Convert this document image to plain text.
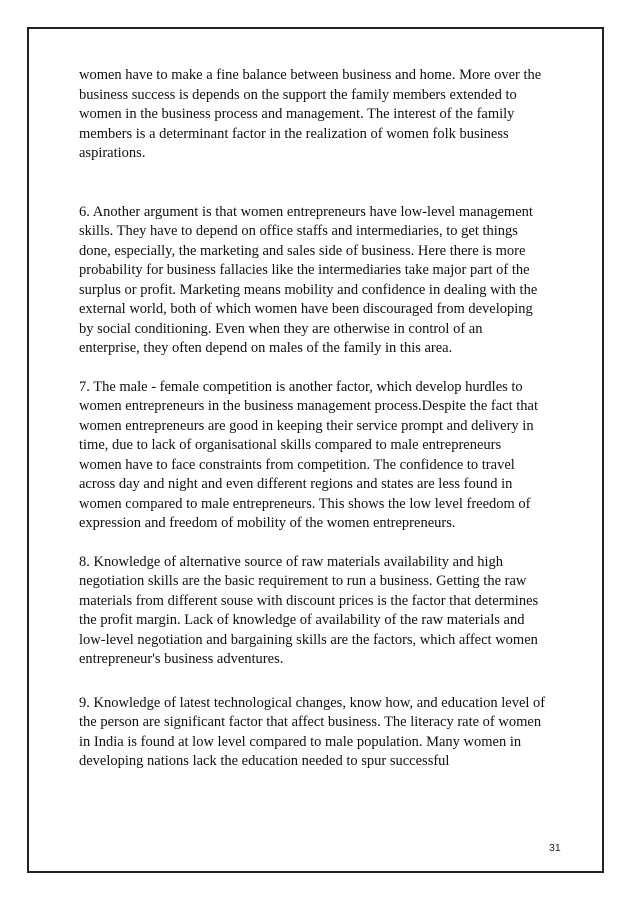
women have to make a fine balance between business and home. More over the
business success is depends on the support the family members extended to
women in the business process and management. The interest of the family
members is a determinant factor in the realization of women folk business
aspirations.

6. Another argument is that women entrepreneurs have low-level management
skills. They have to depend on office staffs and intermediaries, to get things
done, especially, the marketing and sales side of business. Here there is more
probability for business fallacies like the intermediaries take major part of the
surplus or profit. Marketing means mobility and confidence in dealing with the
external world, both of which women have been discouraged from developing
by social conditioning. Even when they are otherwise in control of an
enterprise, they often depend on males of the family in this area.

7. The male - female competition is another factor, which develop hurdles to
women entrepreneurs in the business management process.Despite the fact that
women entrepreneurs are good in keeping their service prompt and delivery in
time, due to lack of organisational skills compared to male entrepreneurs
women have to face constraints from competition. The confidence to travel
across day and night and even different regions and states are less found in
women compared to male entrepreneurs. This shows the low level freedom of
expression and freedom of mobility of the women entrepreneurs.

8. Knowledge of alternative source of raw materials availability and high
negotiation skills are the basic requirement to run a business. Getting the raw
materials from different souse with discount prices is the factor that determines
the profit margin. Lack of knowledge of availability of the raw materials and
low-level negotiation and bargaining skills are the factors, which affect women
entrepreneur's business adventures.

9. Knowledge of latest technological changes, know how, and education level of
the person are significant factor that affect business. The literacy rate of women
in India is found at low level compared to male population. Many women in
developing nations lack the education needed to spur successful

31
